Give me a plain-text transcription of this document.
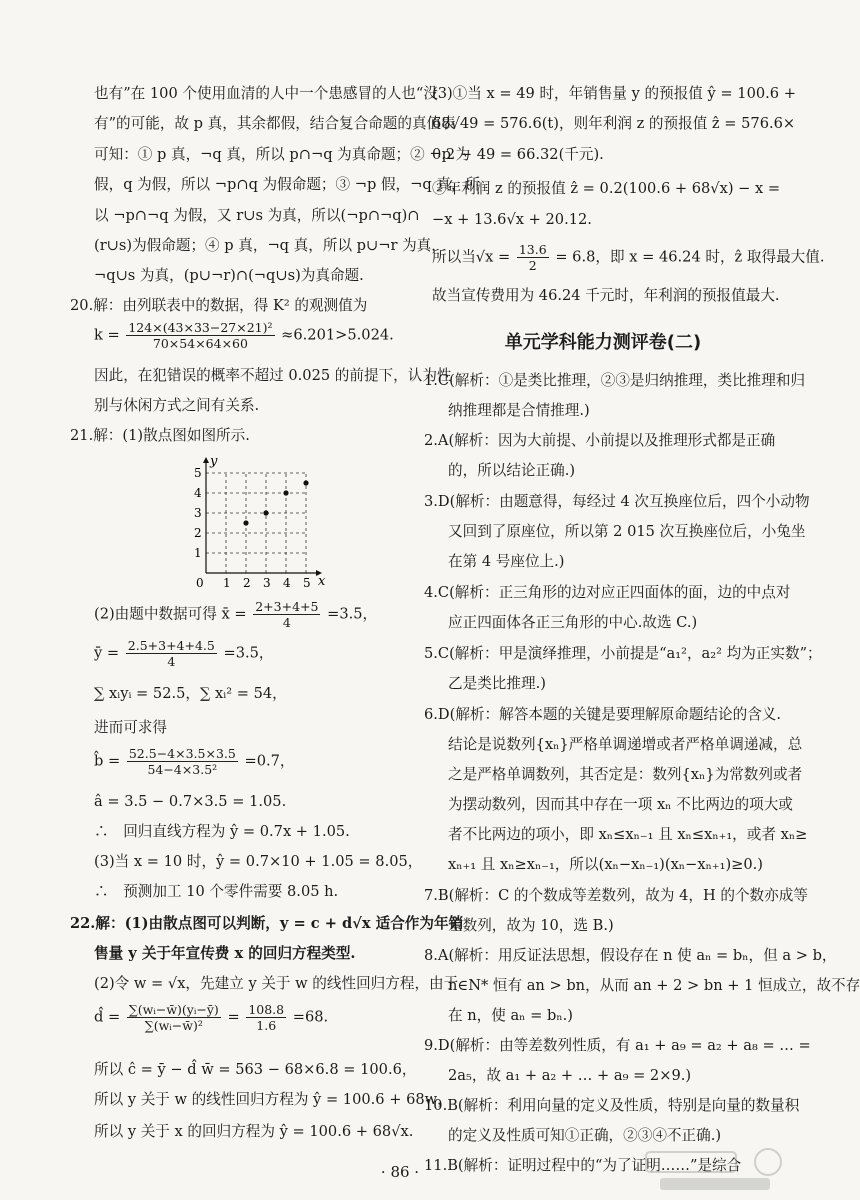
也有”在 100 个使用血清的人中一个患感冒的人也“没
有”的可能，故 p 真，其余都假，结合复合命题的真值表
可知：① p 真，¬q 真，所以 p∩¬q 为真命题；② ¬p 为
假，q 为假，所以 ¬p∩q 为假命题；③ ¬p 假，¬q 真，所
以 ¬p∩¬q 为假，又 r∪s 为真，所以(¬p∩¬q)∩
(r∪s)为假命题；④ p 真，¬q 真，所以 p∪¬r 为真，
¬q∪s 为真，(p∪¬r)∩(¬q∪s)为真命题.
20.解：由列联表中的数据，得 K² 的观测值为
$k = \frac{\text{124×(43×33−27×21)²}}{70\times 54\times 64\times 60} \approx 6.201>5.024$.
因此，在犯错误的概率不超过 0.025 的前提下，认为性
别与休闲方式之间有关系.
21.解：(1)散点图如图所示.
(2)由题中数据可得 x̄ = $\frac{2+3+4+5}{4} =3.5$，
ȳ = $\frac{2.5+3+4+4.5}{4} =3.5$，
∑ xᵢyᵢ = 52.5，∑ xᵢ² = 54，
进而可求得
b̂ = $\frac{52.5-4\times 3.5\times 3.5}{\text{54−4×3.5²}} =0.7$，
â = 3.5 − 0.7×3.5 = 1.05.
∴　回归直线方程为 ŷ = 0.7x + 1.05.
(3)当 x = 10 时，ŷ = 0.7×10 + 1.05 = 8.05，
∴　预测加工 10 个零件需要 8.05 h.
22.解：(1)由散点图可以判断，y = c + d√x 适合作为年销
售量 y 关于年宣传费 x 的回归方程类型.
(2)令 w = √x，先建立 y 关于 w 的线性回归方程，由于
d̂ = $\frac{\text{∑(wᵢ−w̄)(yᵢ−ȳ)}}{\text{∑(wᵢ−w̄)²}} = \frac{108.8}{1.6} =68$.
所以 ĉ = ȳ − d̂ w̄ = 563 − 68×6.8 = 100.6，
所以 y 关于 w 的线性回归方程为 ŷ = 100.6 + 68w，
所以 y 关于 x 的回归方程为 ŷ = 100.6 + 68√x.
0 1 2 3 4 5
1
2
3
4
5
y
x
(3)①当 x = 49 时，年销售量 y 的预报值 ŷ = 100.6 +
68√49 = 576.6(t)，则年利润 z 的预报值 ẑ = 576.6×
0.2 − 49 = 66.32(千元).
②年利润 z 的预报值 ẑ = 0.2(100.6 + 68√x) − x =
−x + 13.6√x + 20.12.
所以当$√x = \frac{13.6}{2} = 6.8$，即 x = 46.24 时，ẑ 取得最大值.
故当宣传费用为 46.24 千元时，年利润的预报值最大.
单元学科能力测评卷(二)
1.C(解析：①是类比推理，②③是归纳推理，类比推理和归
纳推理都是合情推理.)
2.A(解析：因为大前提、小前提以及推理形式都是正确
的，所以结论正确.)
3.D(解析：由题意得，每经过 4 次互换座位后，四个小动物
又回到了原座位，所以第 2 015 次互换座位后，小兔坐
在第 4 号座位上.)
4.C(解析：正三角形的边对应正四面体的面，边的中点对
应正四面体各正三角形的中心.故选 C.)
5.C(解析：甲是演绎推理，小前提是“a₁²，a₂² 均为正实数”；
乙是类比推理.)
6.D(解析：解答本题的关键是要理解原命题结论的含义.
结论是说数列{xₙ}严格单调递增或者严格单调递减，总
之是严格单调数列，其否定是：数列{xₙ}为常数列或者
为摆动数列，因而其中存在一项 xₙ 不比两边的项大或
者不比两边的项小，即 xₙ≤xₙ₋₁ 且 xₙ≤xₙ₊₁，或者 xₙ≥
xₙ₊₁ 且 xₙ≥xₙ₋₁，所以(xₙ−xₙ₋₁)(xₙ−xₙ₊₁)≥0.)
7.B(解析：C 的个数成等差数列，故为 4，H 的个数亦成等
差数列，故为 10，选 B.)
8.A(解析：用反证法思想，假设存在 n 使 aₙ = bₙ，但 a > b，
n∈N* 恒有 an > bn，从而 an + 2 > bn + 1 恒成立，故不存
在 n，使 aₙ = bₙ.)
9.D(解析：由等差数列性质，有 a₁ + a₉ = a₂ + a₈ = … =
2a₅，故 a₁ + a₂ + … + a₉ = 2×9.)
10.B(解析：利用向量的定义及性质，特别是向量的数量积
的定义及性质可知①正确，②③④不正确.)
11.B(解析：证明过程中的“为了证明……”是综合
· 86 ·
